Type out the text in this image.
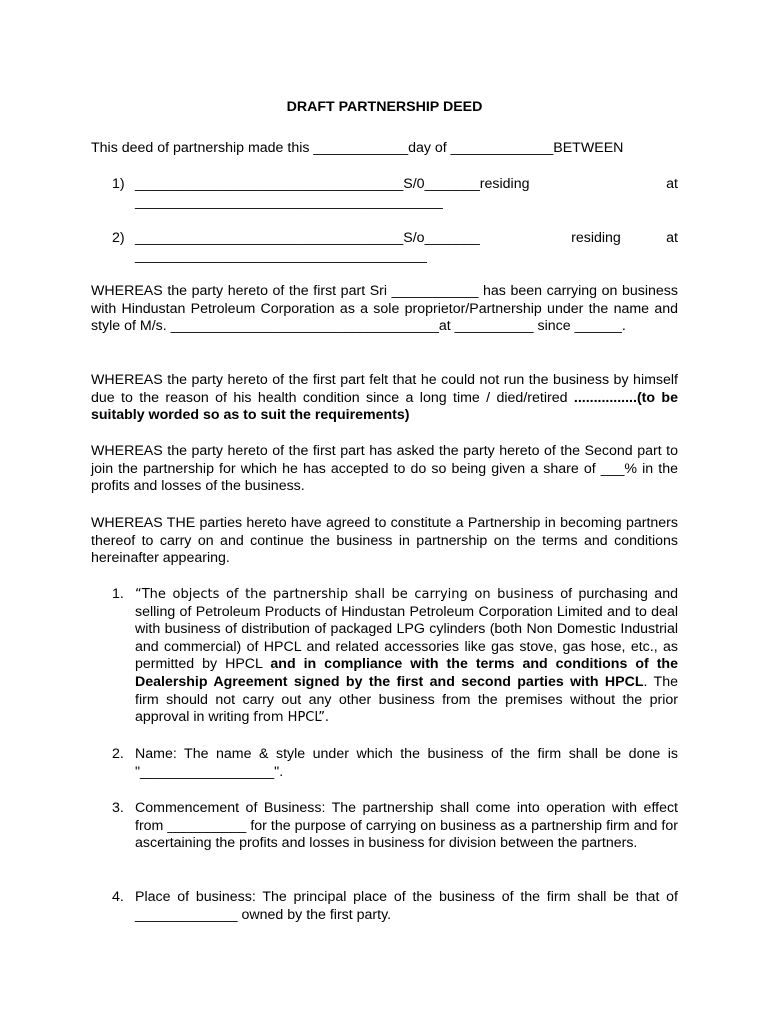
DRAFT PARTNERSHIP DEED
This deed of partnership made this ____________day of _____________BETWEEN
1) __________________________________S/0_______residing	at
_______________________________________
2) __________________________________S/o_______	residing	at
_____________________________________
WHEREAS the party hereto of the first part Sri ___________ has been carrying on business with Hindustan Petroleum Corporation as a sole proprietor/Partnership under the name and style of M/s. __________________________________at __________ since ______.
WHEREAS the party hereto of the first part felt that he could not run the business by himself due to the reason of his health condition since a long time / died/retired ................(to be suitably worded so as to suit the requirements)
WHEREAS the party hereto of the first part has asked the party hereto of the Second part to join the partnership for which he has accepted to do so being given a share of ___% in the profits and losses of the business.
WHEREAS THE parties hereto have agreed to constitute a Partnership in becoming partners thereof to carry on and continue the business in partnership on the terms and conditions hereinafter appearing.
1. “The objects of the partnership shall be carrying on business of purchasing and selling of Petroleum Products of Hindustan Petroleum Corporation Limited and to deal with business of distribution of packaged LPG cylinders (both Non Domestic Industrial and commercial) of HPCL and related accessories like gas stove, gas hose, etc., as permitted by HPCL and in compliance with the terms and conditions of the Dealership Agreement signed by the first and second parties with HPCL. The firm should not carry out any other business from the premises without the prior approval in writing from HPCL”.
2. Name: The name & style under which the business of the firm shall be done is "_________________".
3. Commencement of Business: The partnership shall come into operation with effect from __________ for the purpose of carrying on business as a partnership firm and for ascertaining the profits and losses in business for division between the partners.
4. Place of business: The principal place of the business of the firm shall be that of _____________ owned by the first party.
